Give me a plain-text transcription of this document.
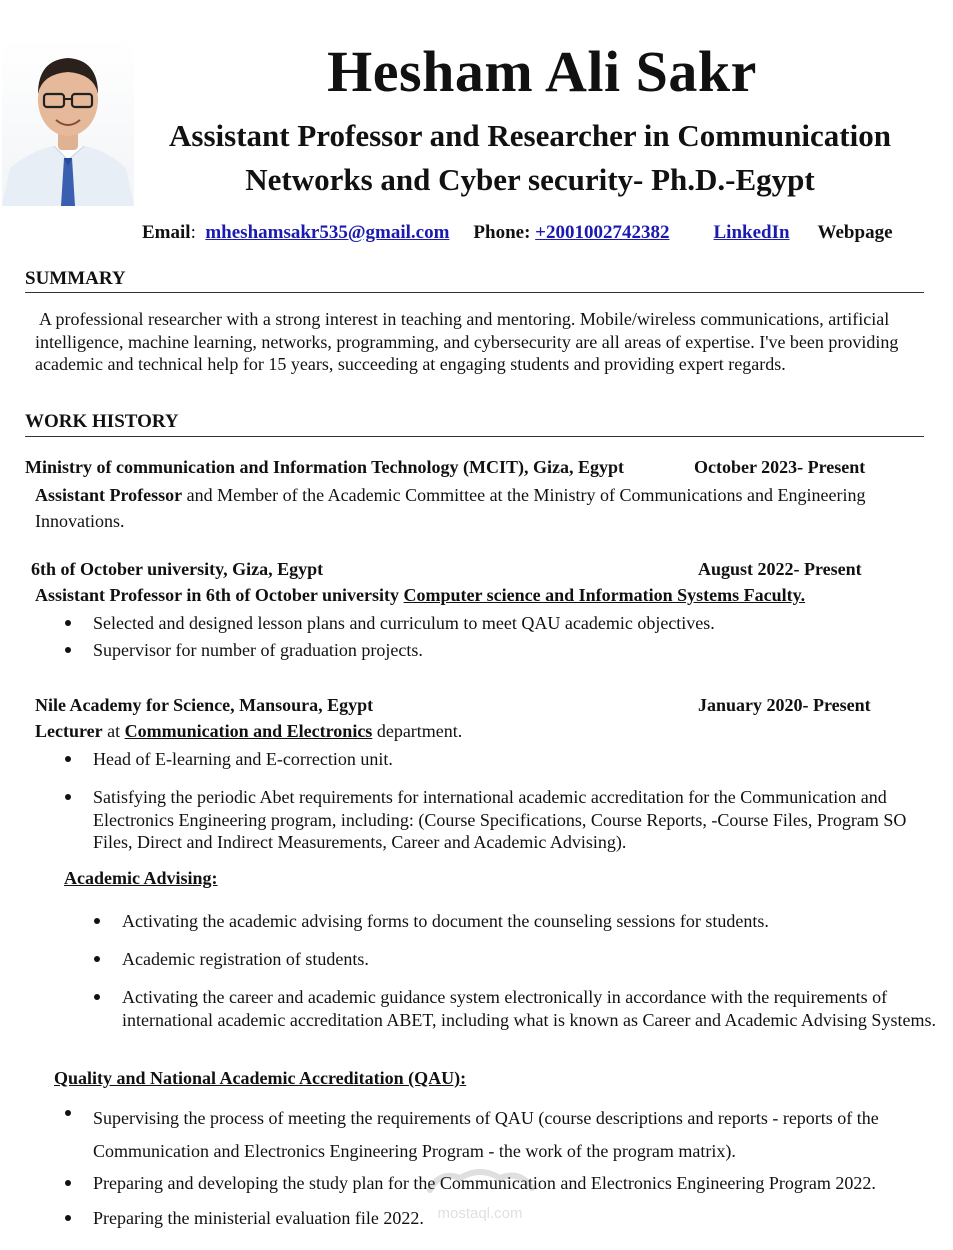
Hesham Ali Sakr
Assistant Professor and Researcher in Communication Networks and Cyber security- Ph.D.-Egypt
Email:  mheshamsakr535@gmail.com Phone: +2001002742382 LinkedIn Webpage
SUMMARY
A professional researcher with a strong interest in teaching and mentoring. Mobile/wireless communications, artificial intelligence, machine learning, networks, programming, and cybersecurity are all areas of expertise. I've been providing academic and technical help for 15 years, succeeding at engaging students and providing expert regards.
WORK HISTORY
Ministry of communication and Information Technology (MCIT), Giza, Egypt	October 2023- Present
Assistant Professor and Member of the Academic Committee at the Ministry of Communications and Engineering Innovations.
6th of October university, Giza, Egypt	August 2022- Present
Assistant Professor in 6th of October university Computer science and Information Systems Faculty.
Selected and designed lesson plans and curriculum to meet QAU academic objectives.
Supervisor for number of graduation projects.
Nile Academy for Science, Mansoura, Egypt	January 2020- Present
Lecturer at Communication and Electronics department.
Head of E-learning and E-correction unit.
Satisfying the periodic Abet requirements for international academic accreditation for the Communication and Electronics Engineering program, including: (Course Specifications, Course Reports, -Course Files, Program SO Files, Direct and Indirect Measurements, Career and Academic Advising).
Academic Advising:
Activating the academic advising forms to document the counseling sessions for students.
Academic registration of students.
Activating the career and academic guidance system electronically in accordance with the requirements of international academic accreditation ABET, including what is known as Career and Academic Advising Systems.
Quality and National Academic Accreditation (QAU):
Supervising the process of meeting the requirements of QAU (course descriptions and reports - reports of the Communication and Electronics Engineering Program - the work of the program matrix).
Preparing and developing the study plan for the Communication and Electronics Engineering Program 2022.
Preparing the ministerial evaluation file 2022. mostaql.com
